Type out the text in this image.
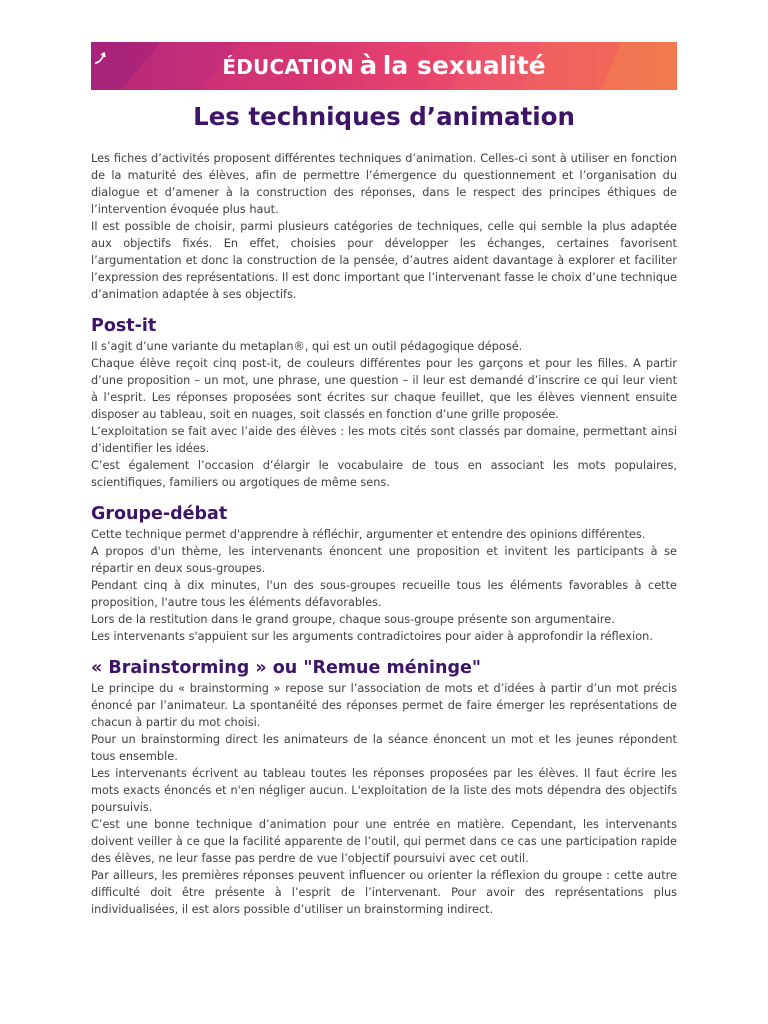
ÉDUCATION à la sexualité
Les techniques d’animation

Les fiches d’activités proposent différentes techniques d’animation. Celles-ci sont à utiliser en fonction de la maturité des élèves, afin de permettre l’émergence du questionnement et l’organisation du dialogue et d’amener à la construction des réponses, dans le respect des principes éthiques de l’intervention évoquée plus haut.

Il est possible de choisir, parmi plusieurs catégories de techniques, celle qui semble la plus adaptée aux objectifs fixés. En effet, choisies pour développer les échanges, certaines favorisent l’argumentation et donc la construction de la pensée, d’autres aident davantage à explorer et faciliter l’expression des représentations. Il est donc important que l’intervenant fasse le choix d’une technique d’animation adaptée à ses objectifs.

Post-it

Il s’agit d’une variante du metaplan®, qui est un outil pédagogique déposé.

Chaque élève reçoit cinq post-it, de couleurs différentes pour les garçons et pour les filles. A partir d’une proposition – un mot, une phrase, une question – il leur est demandé d’inscrire ce qui leur vient à l’esprit. Les réponses proposées sont écrites sur chaque feuillet, que les élèves viennent ensuite disposer au tableau, soit en nuages, soit classés en fonction d’une grille proposée.

L’exploitation se fait avec l’aide des élèves : les mots cités sont classés par domaine, permettant ainsi d’identifier les idées.

C’est également l’occasion d’élargir le vocabulaire de tous en associant les mots populaires, scientifiques, familiers ou argotiques de même sens.

Groupe-débat

Cette technique permet d'apprendre à réfléchir, argumenter et entendre des opinions différentes.

A propos d'un thème, les intervenants énoncent une proposition et invitent les participants à se répartir en deux sous-groupes.

Pendant cinq à dix minutes, l'un des sous-groupes recueille tous les éléments favorables à cette proposition, l'autre tous les éléments défavorables.

Lors de la restitution dans le grand groupe, chaque sous-groupe présente son argumentaire.

Les intervenants s'appuient sur les arguments contradictoires pour aider à approfondir la réflexion.

« Brainstorming » ou "Remue méninge"

Le principe du « brainstorming » repose sur l’association de mots et d’idées à partir d’un mot précis énoncé par l’animateur. La spontanéité des réponses permet de faire émerger les représentations de chacun à partir du mot choisi.

Pour un brainstorming direct les animateurs de la séance énoncent un mot et les jeunes répondent tous ensemble.

Les intervenants écrivent au tableau toutes les réponses proposées par les élèves. Il faut écrire les mots exacts énoncés et n'en négliger aucun. L'exploitation de la liste des mots dépendra des objectifs poursuivis.

C’est une bonne technique d’animation pour une entrée en matière. Cependant, les intervenants doivent veiller à ce que la facilité apparente de l’outil, qui permet dans ce cas une participation rapide des élèves, ne leur fasse pas perdre de vue l’objectif poursuivi avec cet outil.

Par ailleurs, les premières réponses peuvent influencer ou orienter la réflexion du groupe : cette autre difficulté doit être présente à l’esprit de l’intervenant. Pour avoir des représentations plus individualisées, il est alors possible d’utiliser un brainstorming indirect.
